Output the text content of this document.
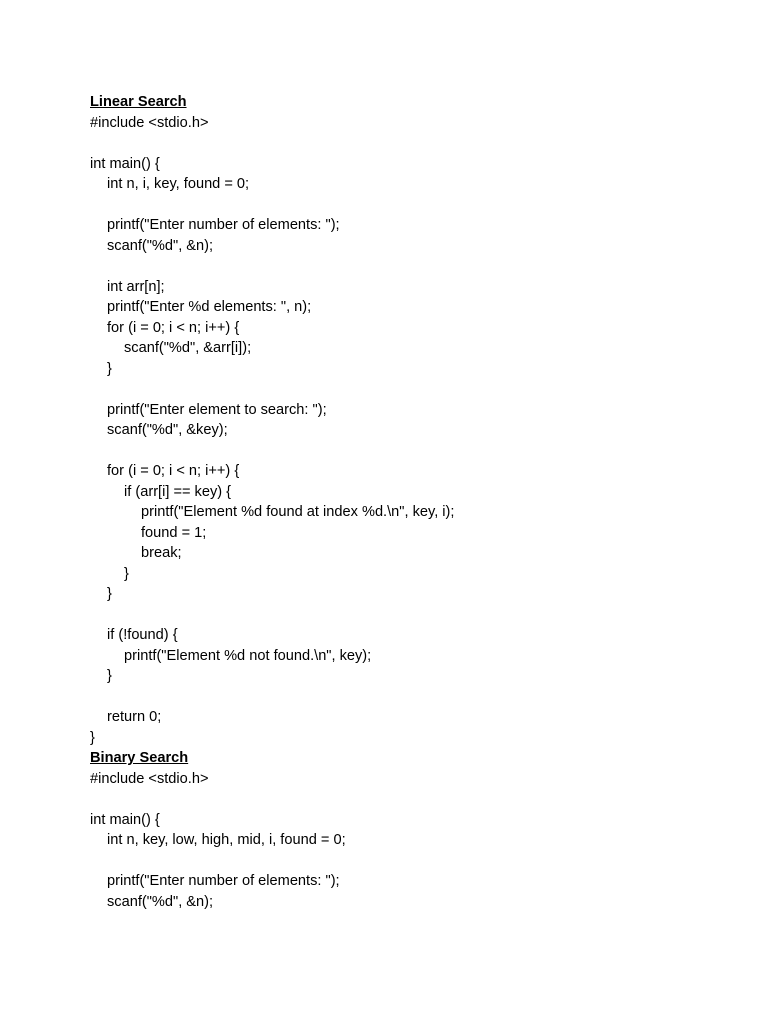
Linear Search
#include <stdio.h>
int main() {
int n, i, key, found = 0;
printf("Enter number of elements: ");
scanf("%d", &n);
int arr[n];
printf("Enter %d elements: ", n);
for (i = 0; i < n; i++) {
scanf("%d", &arr[i]);
}
printf("Enter element to search: ");
scanf("%d", &key);
for (i = 0; i < n; i++) {
if (arr[i] == key) {
printf("Element %d found at index %d.\n", key, i);
found = 1;
break;
}
}
if (!found) {
printf("Element %d not found.\n", key);
}
return 0;
}
Binary Search
#include <stdio.h>
int main() {
int n, key, low, high, mid, i, found = 0;
printf("Enter number of elements: ");
scanf("%d", &n);
